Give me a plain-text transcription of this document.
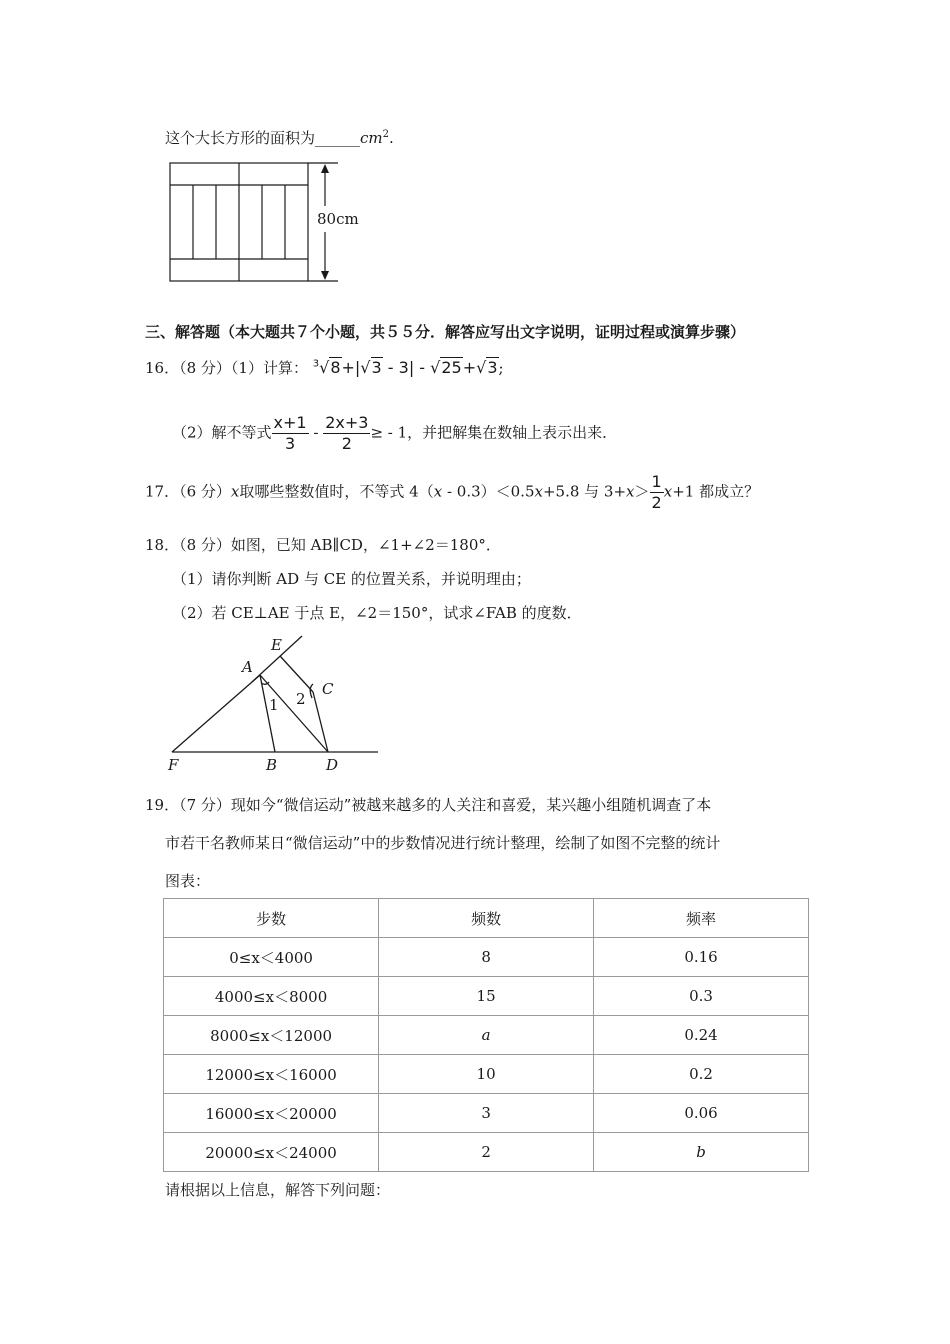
这个大长方形的面积为$\_\_\_\_\_\_cm^2$.
80cm
三、解答题（本大题共７个小题，共５５分．解答应写出文字说明，证明过程或演算步骤）
16．（8 分）（1）计算： $^3$√8+|√3 - 3| - √25+√3;
（2）解不等式 $\frac{x+1}{3} - \frac{2x+3}{2}$ ≥ - 1，并把解集在数轴上表示出来．
17．（6 分）x取哪些整数值时，不等式 4（x - 0.3）＜0.5x+5.8 与 $3+x> \frac{1}{2} x+1$ 都成立？
18．（8 分）如图，已知 AB∥CD，∠1+∠2＝180°．
（1）请你判断 AD 与 CE 的位置关系，并说明理由；
（2）若 CE⊥AE 于点 E，∠2＝150°，试求∠FAB 的度数．
E
A
C
F	B	D
1 2
19．（7 分）现如今“微信运动”被越来越多的人关注和喜爱，某兴趣小组随机调查了本
市若干名教师某日“微信运动”中的步数情况进行统计整理，绘制了如图不完整的统计
图表：
步数	频数	频率
0≤x＜4000	8	0.16
4000≤x＜8000	15	0.3
8000≤x＜12000	a	0.24
12000≤x＜16000	10	0.2
16000≤x＜20000	3	0.06
20000≤x＜24000	2	b
请根据以上信息，解答下列问题：
